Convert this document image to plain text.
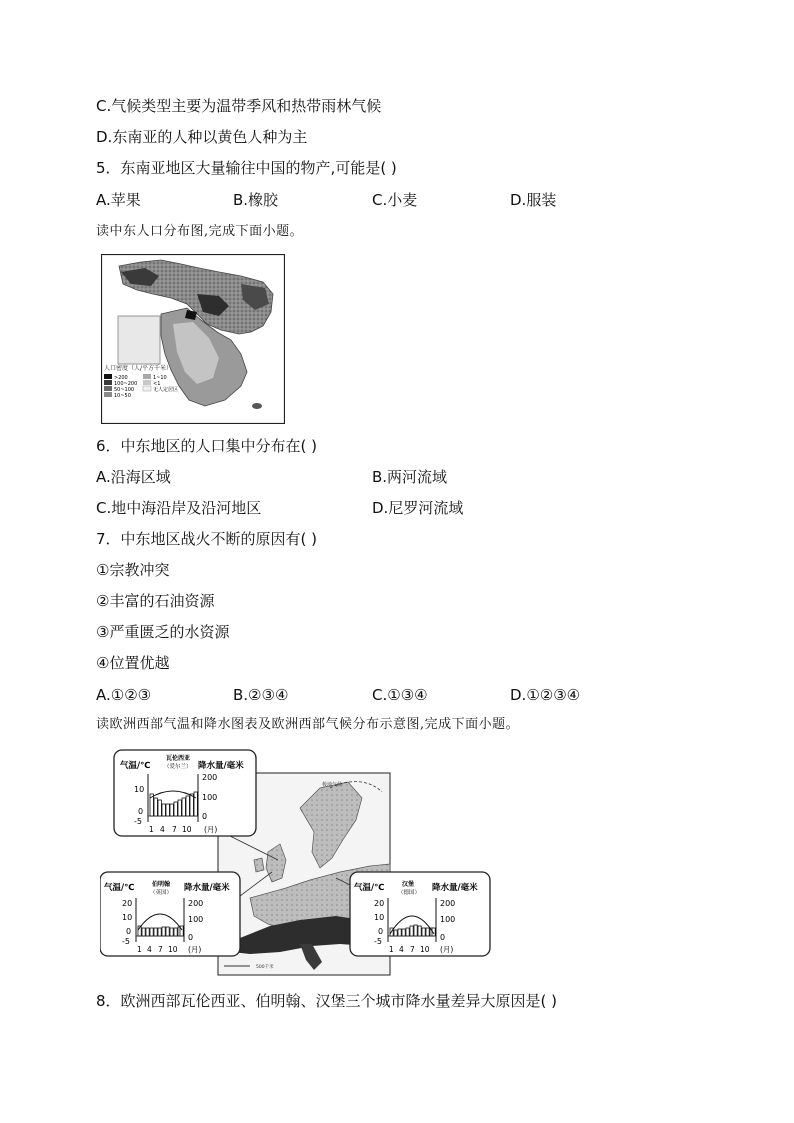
C.气候类型主要为温带季风和热带雨林气候
D.东南亚的人种以黄色人种为主
5．东南亚地区大量输往中国的物产,可能是( )
A.苹果	B.橡胶	C.小麦	D.服装
读中东人口分布图,完成下面小题。
人口密度（人/平方千米）
>200
100~200
50~100
10~50
1~10
<1
无人定居区
6．中东地区的人口集中分布在( )
A.沿海区域	B.两河流域
C.地中海沿岸及沿河地区	D.尼罗河流域
7．中东地区战火不断的原因有( )
①宗教冲突
②丰富的石油资源
③严重匮乏的水资源
④位置优越
A.①②③	B.②③④	C.①③④	D.①②③④
读欧洲西部气温和降水图表及欧洲西部气候分布示意图,完成下面小题。
极地气候
500千米
气温/℃
瓦伦西亚
（爱尔兰） 降水量/毫米
10
0
-5
200
100
0
1 4 7 10 (月)
气温/℃	伯明翰
（英国） 降水量/毫米
20
10
0
-5
200
100
0
1 4 7 10 (月)
气温/℃	汉堡
（德国） 降水量/毫米
20
10
0
-5
200
100
0
1 4 7 10 (月)
8．欧洲西部瓦伦西亚、伯明翰、汉堡三个城市降水量差异大原因是( )
